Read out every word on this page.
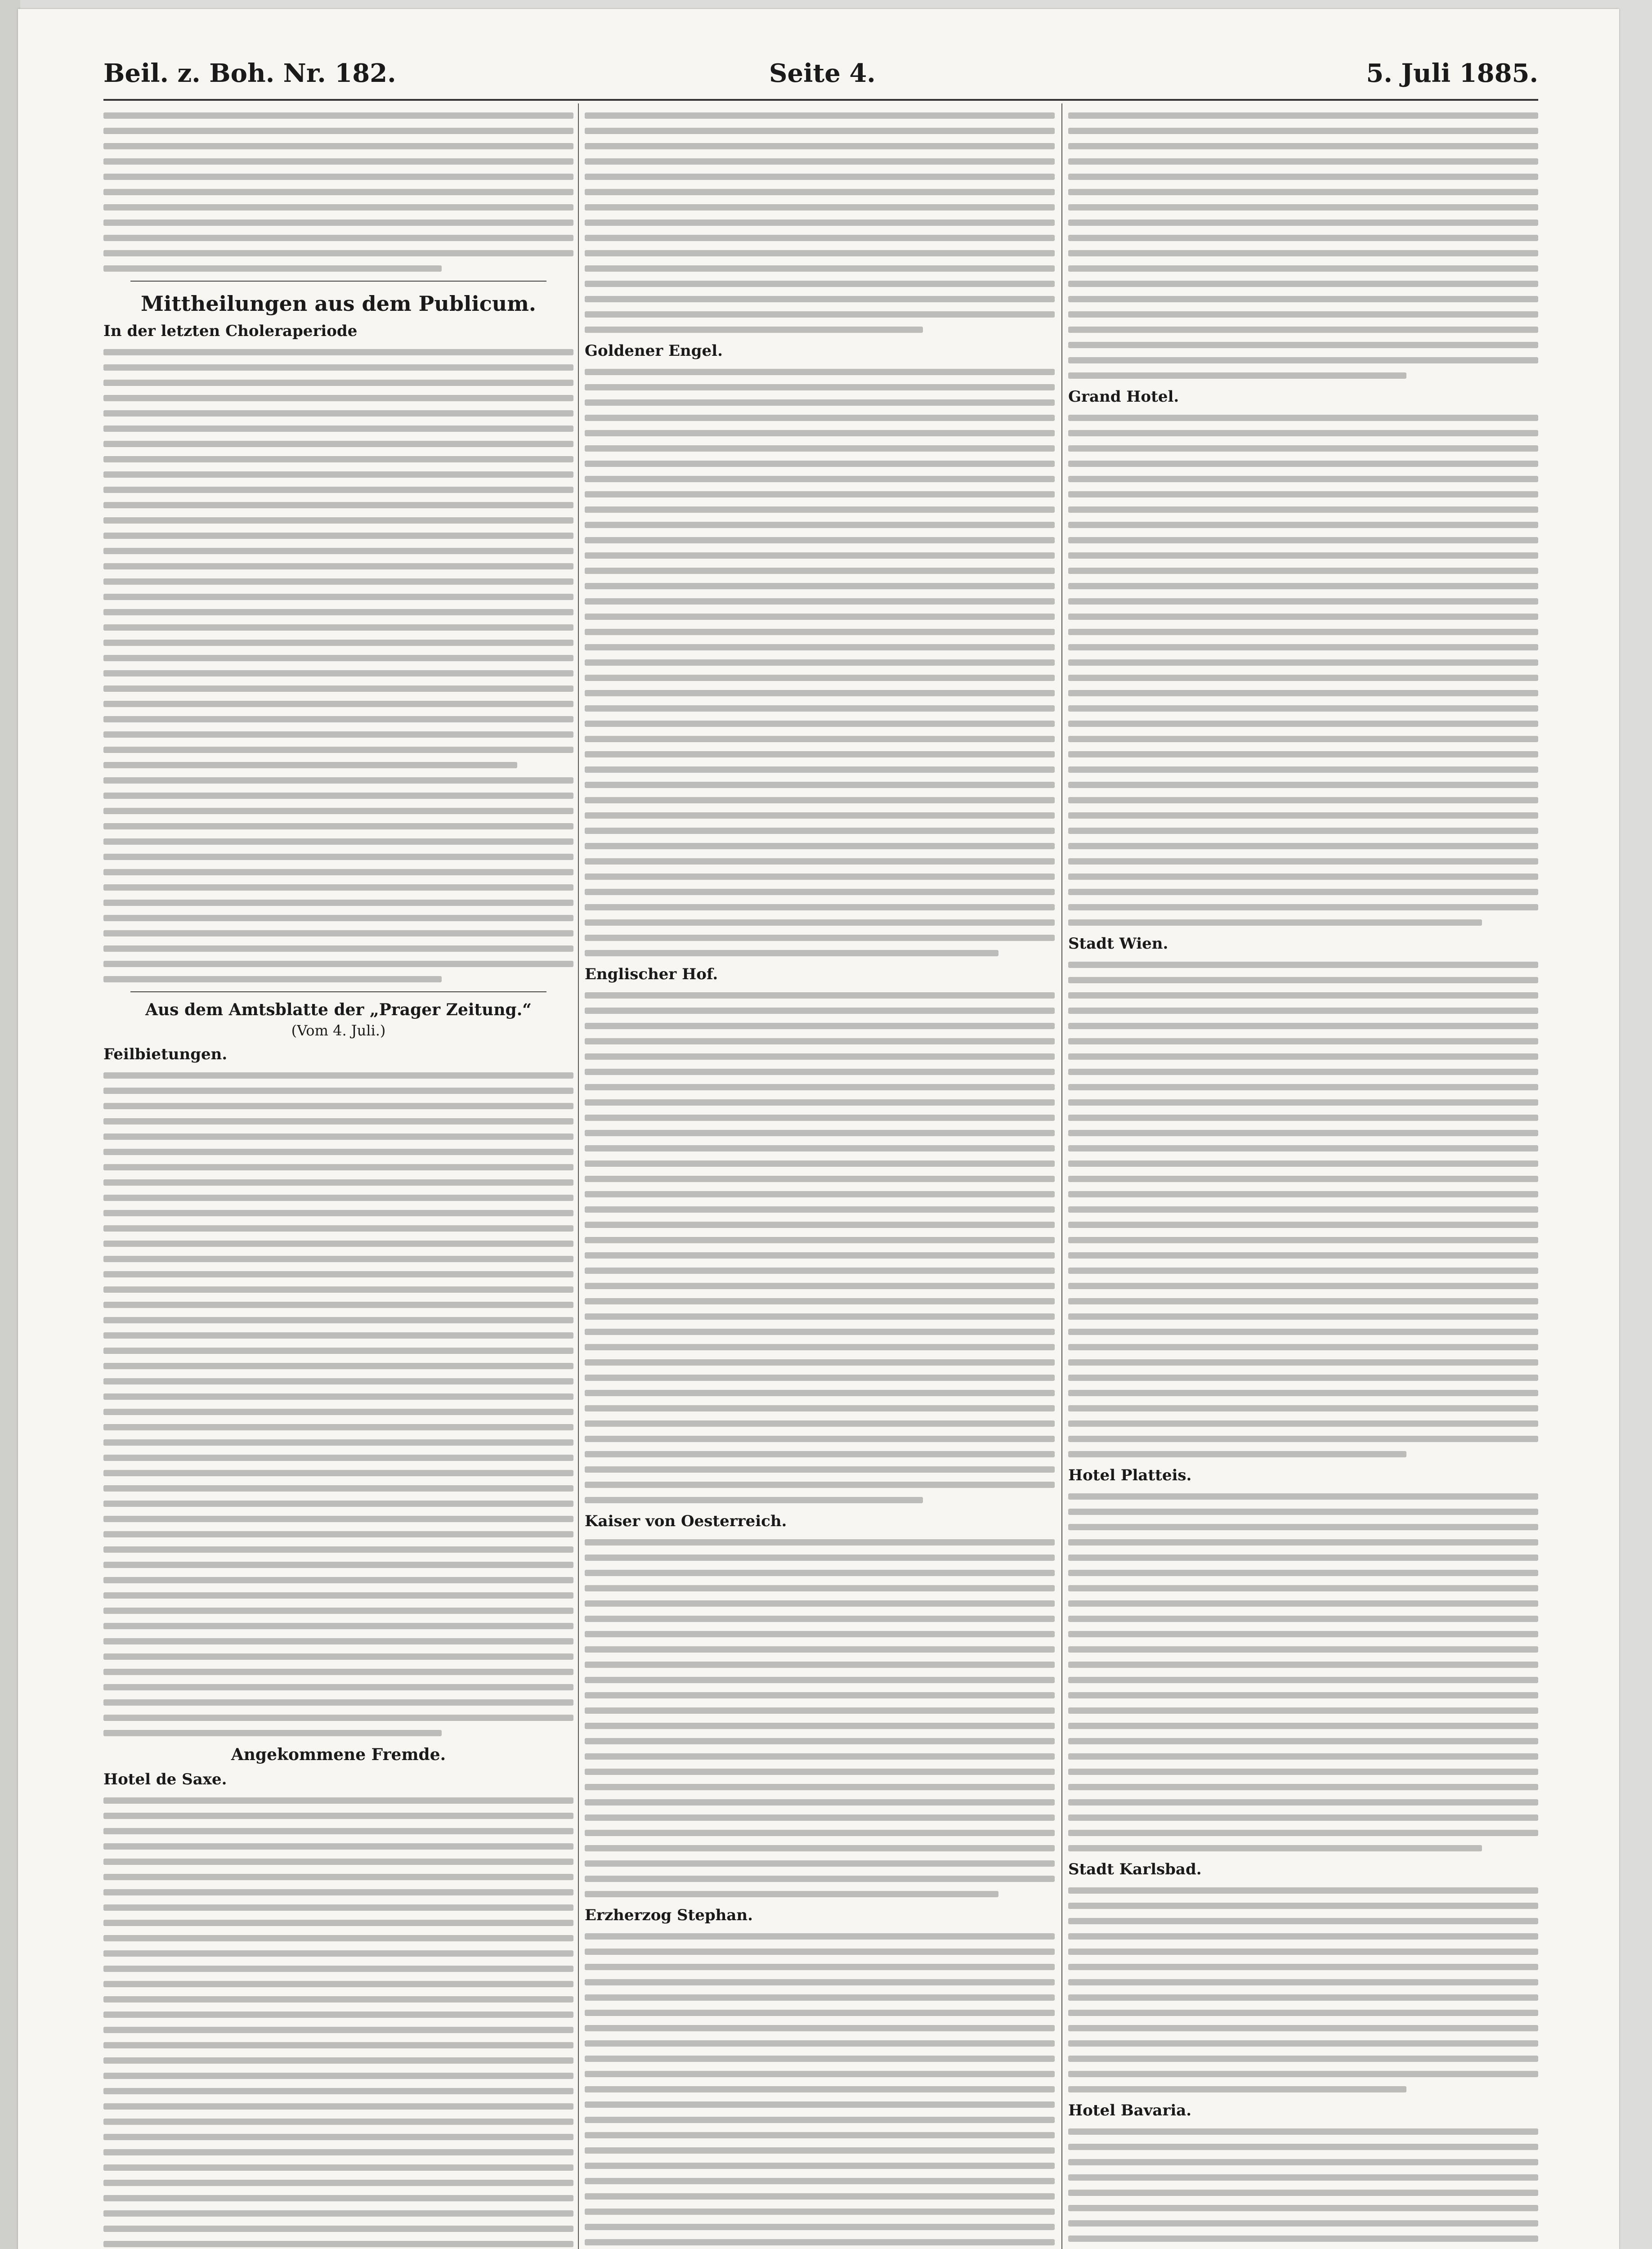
Beil. z. Boh. Nr. 182.	Seite 4.	5. Juli 1885.
Mittheilungen aus dem Publicum.
In der letzten Choleraperiode
Aus dem Amtsblatte der „Prager Zeitung.“
(Vom 4. Juli.)
Feilbietungen.
Angekommene Fremde.
Hotel de Saxe.
Goldener Engel.
Englischer Hof.
Kaiser von Oesterreich.
Erzherzog Stephan.
Grand Hotel.
Stadt Wien.
Hotel Platteis.
Stadt Karlsbad.
Hotel Bavaria.
